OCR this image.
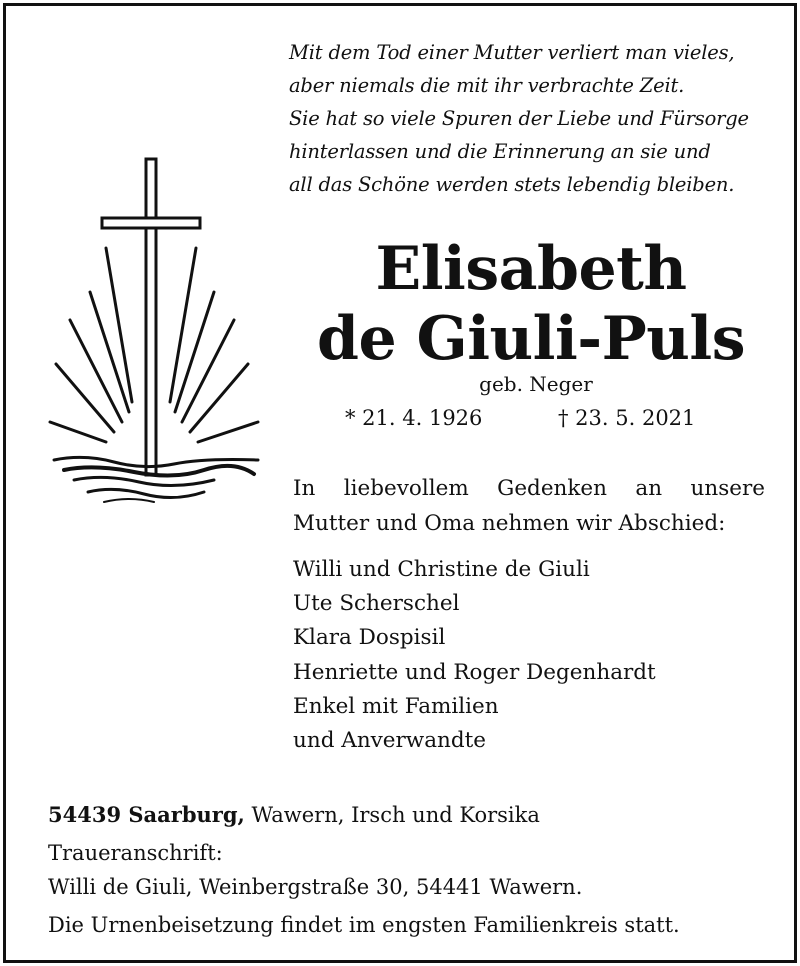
Mit dem Tod einer Mutter verliert man vieles,
aber niemals die mit ihr verbrachte Zeit.
Sie hat so viele Spuren der Liebe und Fürsorge
hinterlassen und die Erinnerung an sie und
all das Schöne werden stets lebendig bleiben.
Elisabeth
de Giuli-Puls
geb. Neger
* 21. 4. 1926	† 23. 5. 2021
In liebevollem Gedenken an unsere
Mutter und Oma nehmen wir Abschied:
Willi und Christine de Giuli
Ute Scherschel
Klara Dospisil
Henriette und Roger Degenhardt
Enkel mit Familien
und Anverwandte
54439 Saarburg, Wawern, Irsch und Korsika
Traueranschrift:
Willi de Giuli, Weinbergstraße 30, 54441 Wawern.
Die Urnenbeisetzung findet im engsten Familienkreis statt.
